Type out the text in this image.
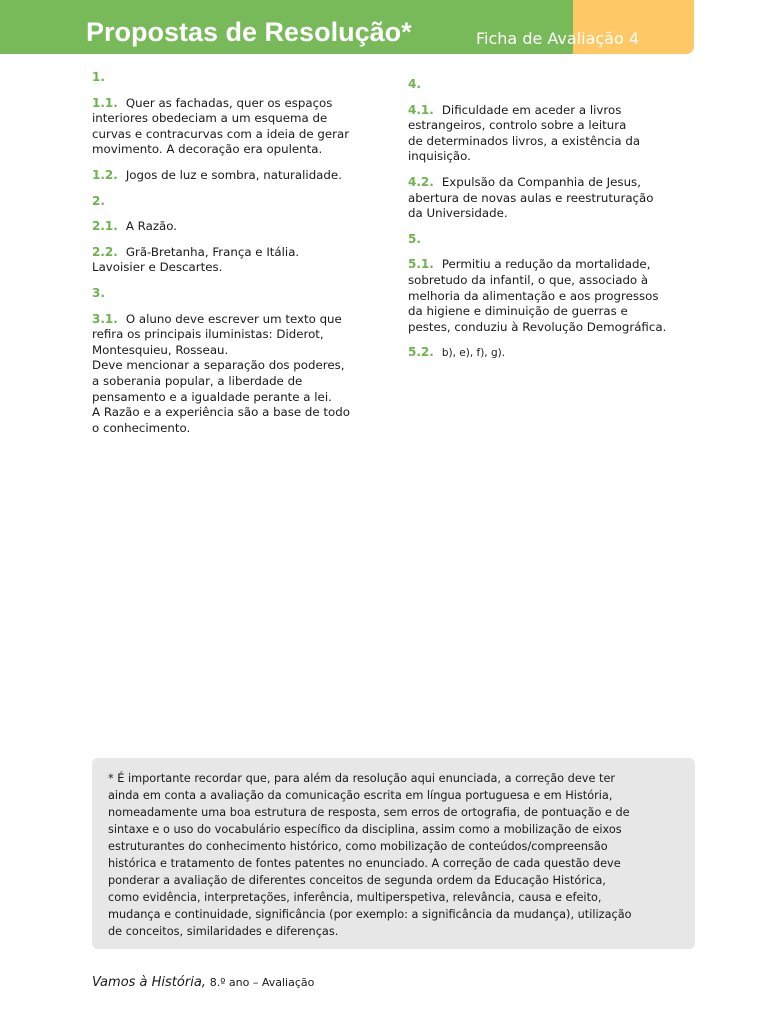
Propostas de Resolução*	Ficha de Avaliação 4
1.
1.1. Quer as fachadas, quer os espaços
interiores obedeciam a um esquema de
curvas e contracurvas com a ideia de gerar
movimento. A decoração era opulenta.
1.2. Jogos de luz e sombra, naturalidade.
2.
2.1. A Razão.
2.2. Grã-Bretanha, França e Itália.
Lavoisier e Descartes.
3.
3.1. O aluno deve escrever um texto que
refira os principais iluministas: Diderot,
Montesquieu, Rosseau.
Deve mencionar a separação dos poderes,
a soberania popular, a liberdade de
pensamento e a igualdade perante a lei.
A Razão e a experiência são a base de todo
o conhecimento.
4.
4.1. Dificuldade em aceder a livros
estrangeiros, controlo sobre a leitura
de determinados livros, a existência da
inquisição.
4.2. Expulsão da Companhia de Jesus,
abertura de novas aulas e reestruturação
da Universidade.
5.
5.1. Permitiu a redução da mortalidade,
sobretudo da infantil, o que, associado à
melhoria da alimentação e aos progressos
da higiene e diminuição de guerras e
pestes, conduziu à Revolução Demográfica.
5.2. b), e), f), g).
* É importante recordar que, para além da resolução aqui enunciada, a correção deve ter
ainda em conta a avaliação da comunicação escrita em língua portuguesa e em História,
nomeadamente uma boa estrutura de resposta, sem erros de ortografia, de pontuação e de
sintaxe e o uso do vocabulário específico da disciplina, assim como a mobilização de eixos
estruturantes do conhecimento histórico, como mobilização de conteúdos/compreensão
histórica e tratamento de fontes patentes no enunciado. A correção de cada questão deve
ponderar a avaliação de diferentes conceitos de segunda ordem da Educação Histórica,
como evidência, interpretações, inferência, multiperspetiva, relevância, causa e efeito,
mudança e continuidade, significância (por exemplo: a significância da mudança), utilização
de conceitos, similaridades e diferenças.
Vamos à História, 8.º ano – Avaliação
